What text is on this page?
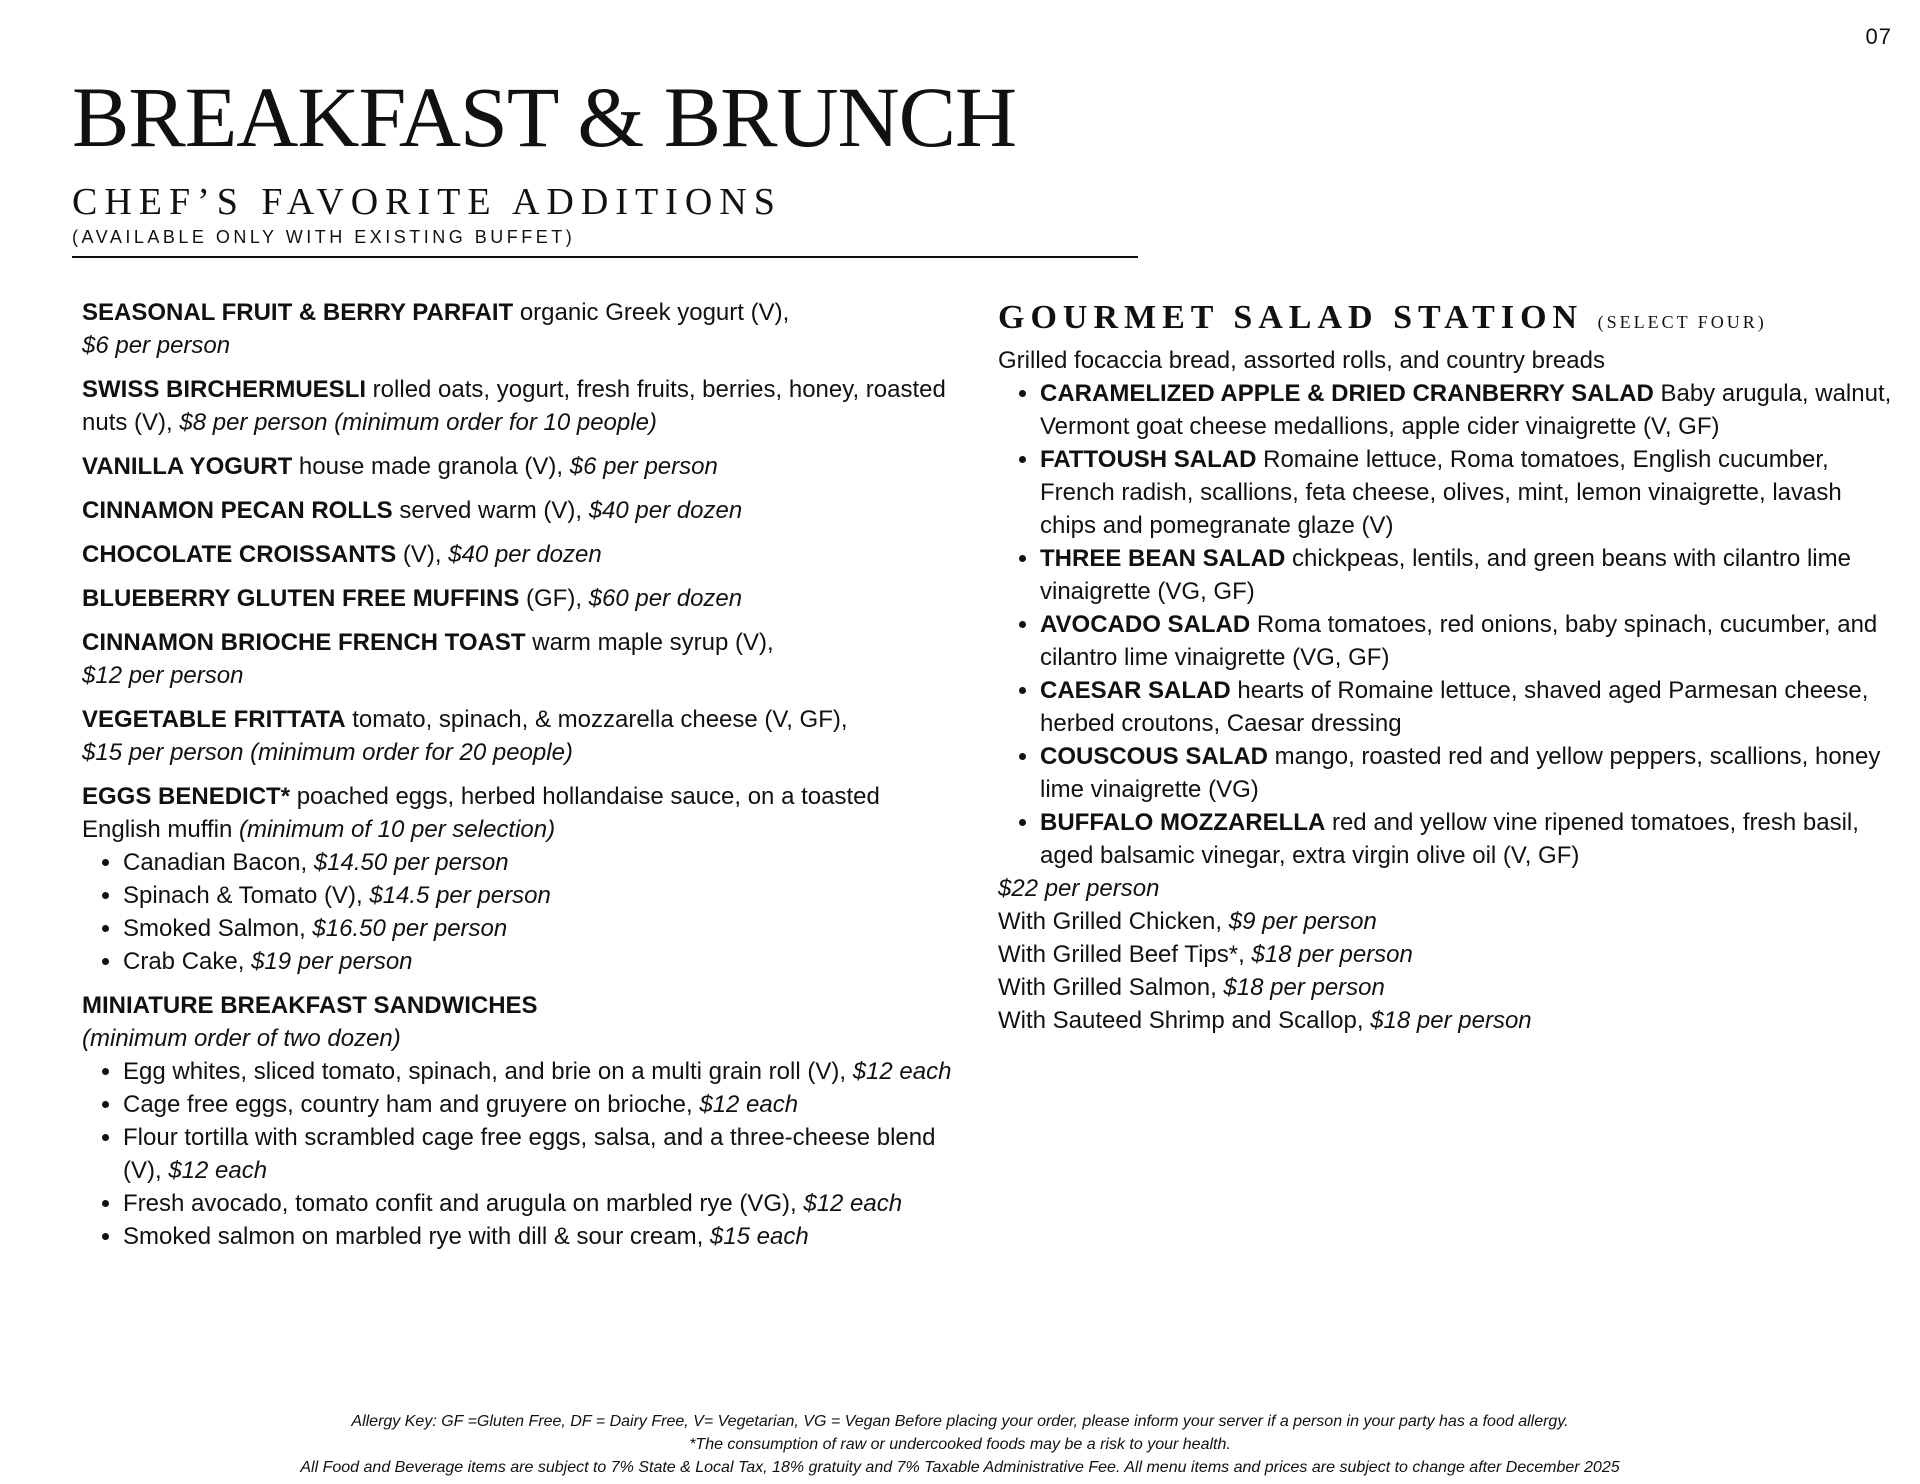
07
BREAKFAST & BRUNCH
CHEF’S FAVORITE ADDITIONS
(AVAILABLE ONLY WITH EXISTING BUFFET)

SEASONAL FRUIT & BERRY PARFAIT organic Greek yogurt (V),
$6 per person

SWISS BIRCHERMUESLI rolled oats, yogurt, fresh fruits, berries, honey, roasted nuts (V), $8 per person (minimum order for 10 people)

VANILLA YOGURT house made granola (V), $6 per person

CINNAMON PECAN ROLLS served warm (V), $40 per dozen

CHOCOLATE CROISSANTS (V), $40 per dozen

BLUEBERRY GLUTEN FREE MUFFINS (GF), $60 per dozen

CINNAMON BRIOCHE FRENCH TOAST warm maple syrup (V),
$12 per person

VEGETABLE FRITTATA tomato, spinach, & mozzarella cheese (V, GF),
$15 per person (minimum order for 20 people)

EGGS BENEDICT* poached eggs, herbed hollandaise sauce, on a toasted English muffin (minimum of 10 per selection)

• Canadian Bacon, $14.50 per person
• Spinach & Tomato (V), $14.5 per person
• Smoked Salmon, $16.50 per person
• Crab Cake, $19 per person

MINIATURE BREAKFAST SANDWICHES
(minimum order of two dozen)

• Egg whites, sliced tomato, spinach, and brie on a multi grain roll (V), $12 each
• Cage free eggs, country ham and gruyere on brioche, $12 each
• Flour tortilla with scrambled cage free eggs, salsa, and a three-cheese blend (V), $12 each
• Fresh avocado, tomato confit and arugula on marbled rye (VG), $12 each
• Smoked salmon on marbled rye with dill & sour cream, $15 each
GOURMET SALAD STATION (SELECT FOUR)

Grilled focaccia bread, assorted rolls, and country breads

• CARAMELIZED APPLE & DRIED CRANBERRY SALAD Baby arugula, walnut, Vermont goat cheese medallions, apple cider vinaigrette (V, GF)
• FATTOUSH SALAD Romaine lettuce, Roma tomatoes, English cucumber, French radish, scallions, feta cheese, olives, mint, lemon vinaigrette, lavash chips and pomegranate glaze (V)
• THREE BEAN SALAD chickpeas, lentils, and green beans with cilantro lime vinaigrette (VG, GF)
• AVOCADO SALAD Roma tomatoes, red onions, baby spinach, cucumber, and cilantro lime vinaigrette (VG, GF)
• CAESAR SALAD hearts of Romaine lettuce, shaved aged Parmesan cheese, herbed croutons, Caesar dressing
• COUSCOUS SALAD mango, roasted red and yellow peppers, scallions, honey lime vinaigrette (VG)
• BUFFALO MOZZARELLA red and yellow vine ripened tomatoes, fresh basil, aged balsamic vinegar, extra virgin olive oil (V, GF)

$22 per person

With Grilled Chicken, $9 per person

With Grilled Beef Tips*, $18 per person

With Grilled Salmon, $18 per person

With Sauteed Shrimp and Scallop, $18 per person

Allergy Key: GF =Gluten Free, DF = Dairy Free, V= Vegetarian, VG = Vegan Before placing your order, please inform your server if a person in your party has a food allergy.
*The consumption of raw or undercooked foods may be a risk to your health.
All Food and Beverage items are subject to 7% State & Local Tax, 18% gratuity and 7% Taxable Administrative Fee. All menu items and prices are subject to change after December 2025
